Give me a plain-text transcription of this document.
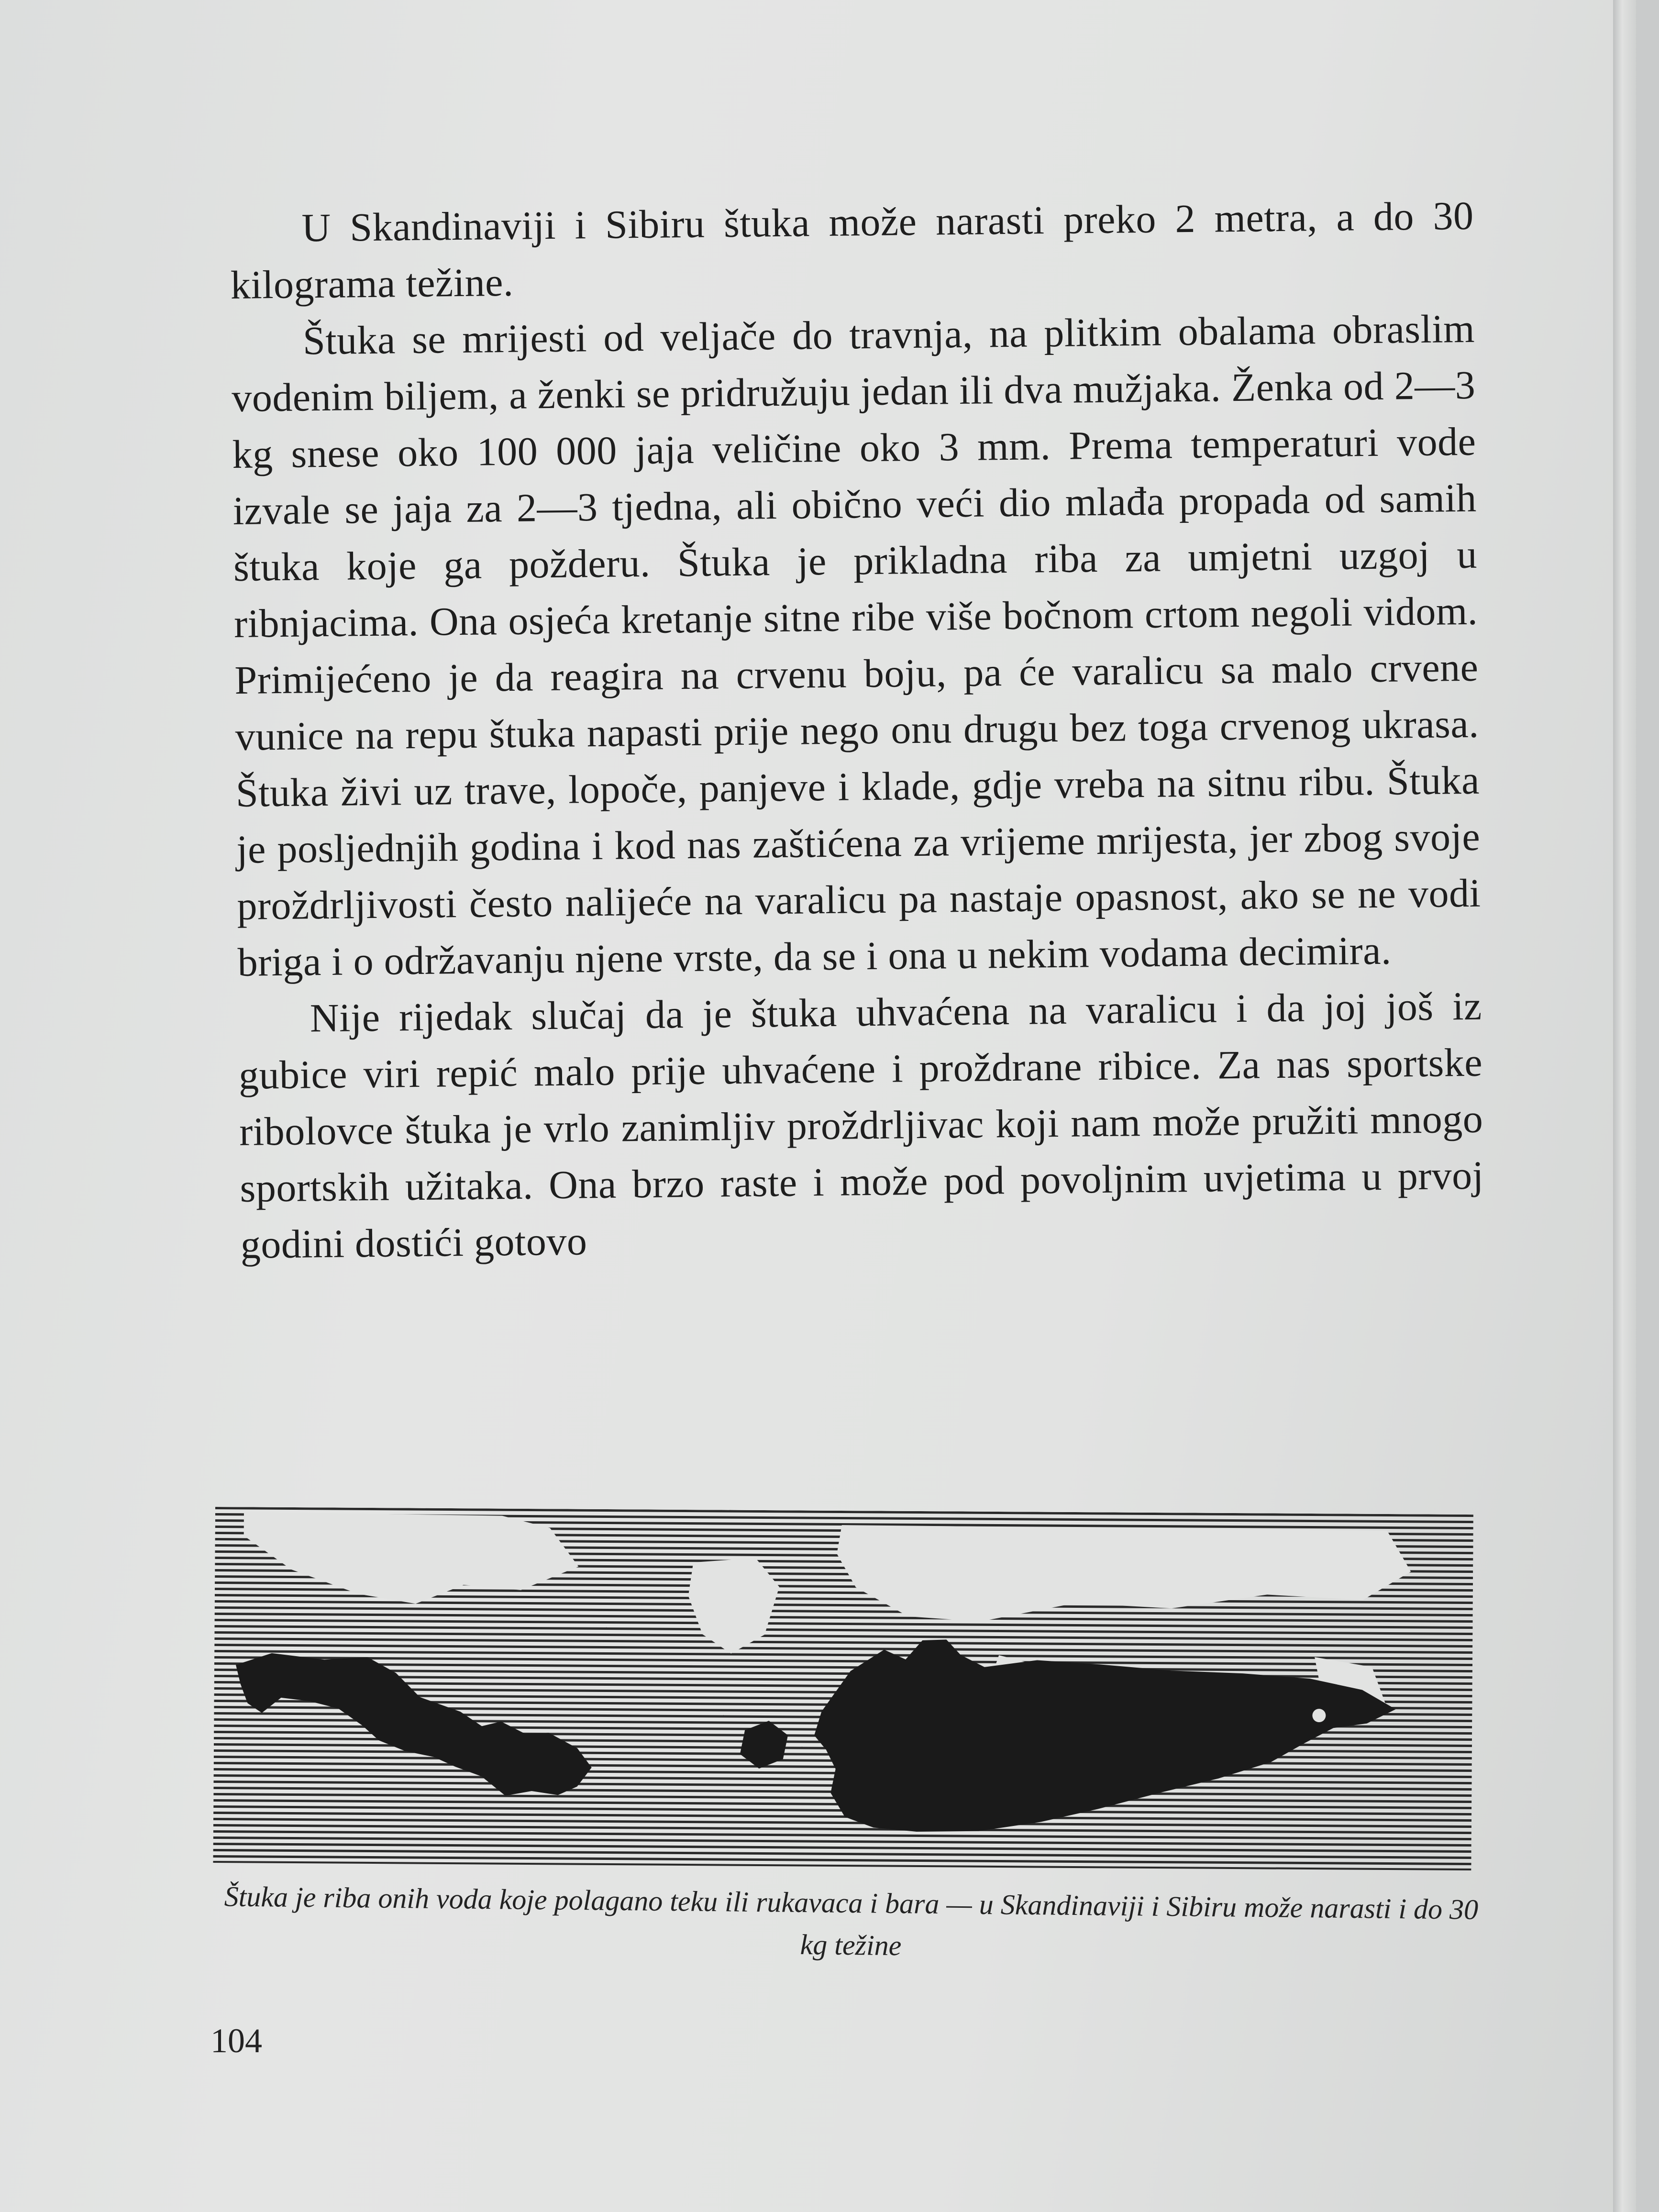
U Skandinaviji i Sibiru štuka može narasti preko 2 metra, a do 30 kilograma težine.

Štuka se mrijesti od veljače do travnja, na plitkim obalama obraslim vodenim biljem, a ženki se pridružuju jedan ili dva mužjaka. Ženka od 2—3 kg snese oko 100 000 jaja veličine oko 3 mm. Prema temperaturi vode izvale se jaja za 2—3 tjedna, ali obično veći dio mlađa propada od samih štuka koje ga požderu. Štuka je prikladna riba za umjetni uzgoj u ribnjacima. Ona osjeća kretanje sitne ribe više bočnom crtom negoli vidom. Primijećeno je da reagira na crvenu boju, pa će varalicu sa malo crvene vunice na repu štuka napasti prije nego onu drugu bez toga crvenog ukrasa. Štuka živi uz trave, lopoče, panjeve i klade, gdje vreba na sitnu ribu. Štuka je posljednjih godina i kod nas zaštićena za vrijeme mrijesta, jer zbog svoje proždrljivosti često nalijeće na varalicu pa nastaje opasnost, ako se ne vodi briga i o održavanju njene vrste, da se i ona u nekim vodama decimira.

Nije rijedak slučaj da je štuka uhvaćena na varalicu i da joj još iz gubice viri repić malo prije uhvaćene i proždrane ribice. Za nas sportske ribolovce štuka je vrlo zanimljiv proždrljivac koji nam može pružiti mnogo sportskih užitaka. Ona brzo raste i može pod povoljnim uvjetima u prvoj godini dostići gotovo

Štuka je riba onih voda koje polagano teku ili rukavaca i bara — u Skandinaviji i Sibiru može narasti i do 30 kg težine

104
